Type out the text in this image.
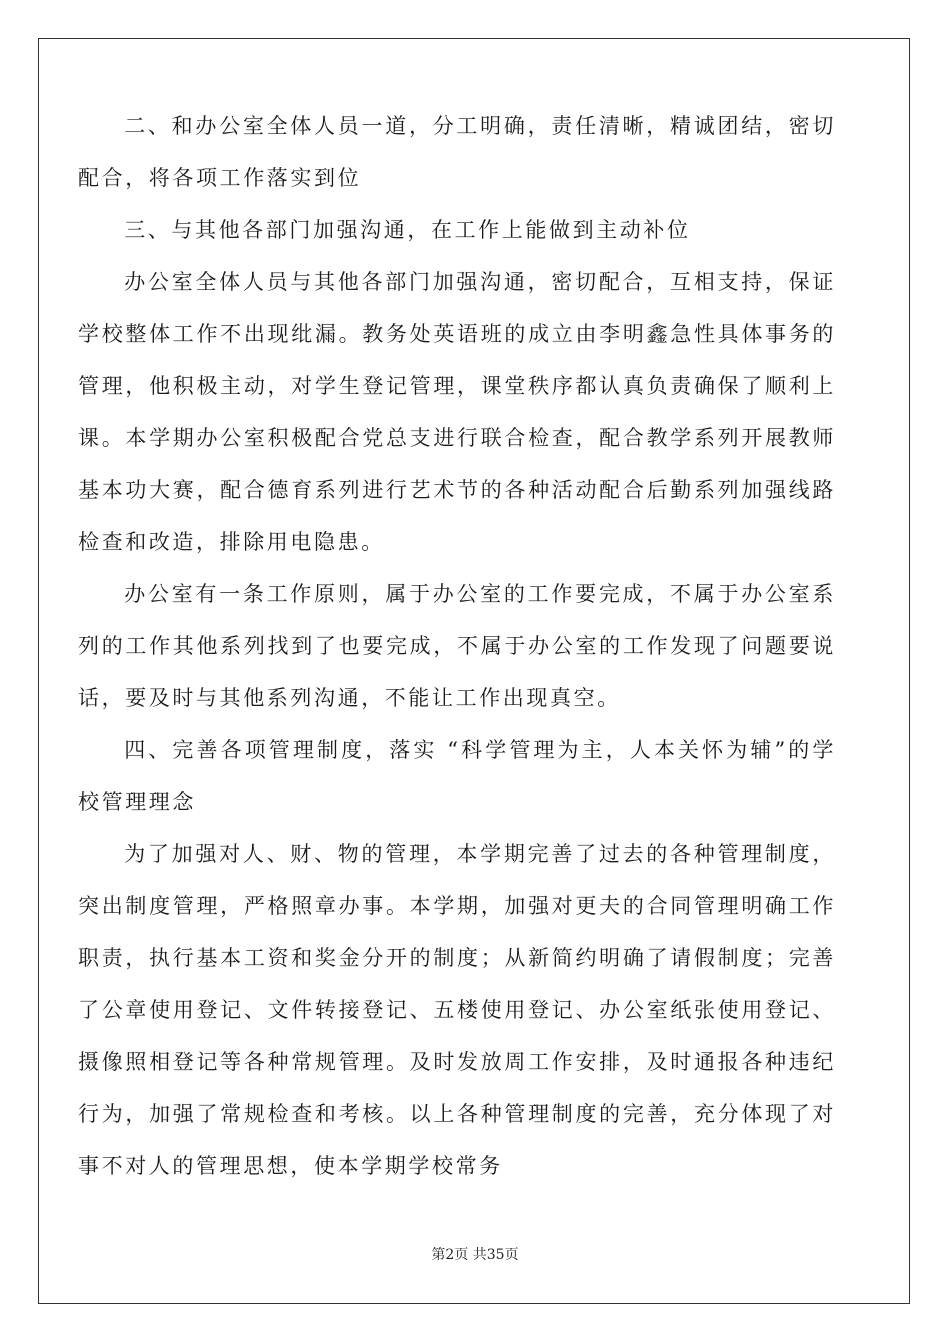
二、和办公室全体人员一道，分工明确，责任清晰，精诚团结，密切配合，将各项工作落实到位

三、与其他各部门加强沟通，在工作上能做到主动补位

办公室全体人员与其他各部门加强沟通，密切配合，互相支持，保证学校整体工作不出现纰漏。教务处英语班的成立由李明鑫急性具体事务的管理，他积极主动，对学生登记管理，课堂秩序都认真负责确保了顺利上课。本学期办公室积极配合党总支进行联合检查，配合教学系列开展教师基本功大赛，配合德育系列进行艺术节的各种活动配合后勤系列加强线路检查和改造，排除用电隐患。

办公室有一条工作原则，属于办公室的工作要完成，不属于办公室系列的工作其他系列找到了也要完成，不属于办公室的工作发现了问题要说话，要及时与其他系列沟通，不能让工作出现真空。

四、完善各项管理制度，落实 “科学管理为主，人本关怀为辅”的学校管理理念

为了加强对人、财、物的管理，本学期完善了过去的各种管理制度，突出制度管理，严格照章办事。本学期，加强对更夫的合同管理明确工作职责，执行基本工资和奖金分开的制度；从新简约明确了请假制度；完善了公章使用登记、文件转接登记、五楼使用登记、办公室纸张使用登记、摄像照相登记等各种常规管理。及时发放周工作安排，及时通报各种违纪行为，加强了常规检查和考核。以上各种管理制度的完善，充分体现了对事不对人的管理思想，使本学期学校常务

第2页 共35页
